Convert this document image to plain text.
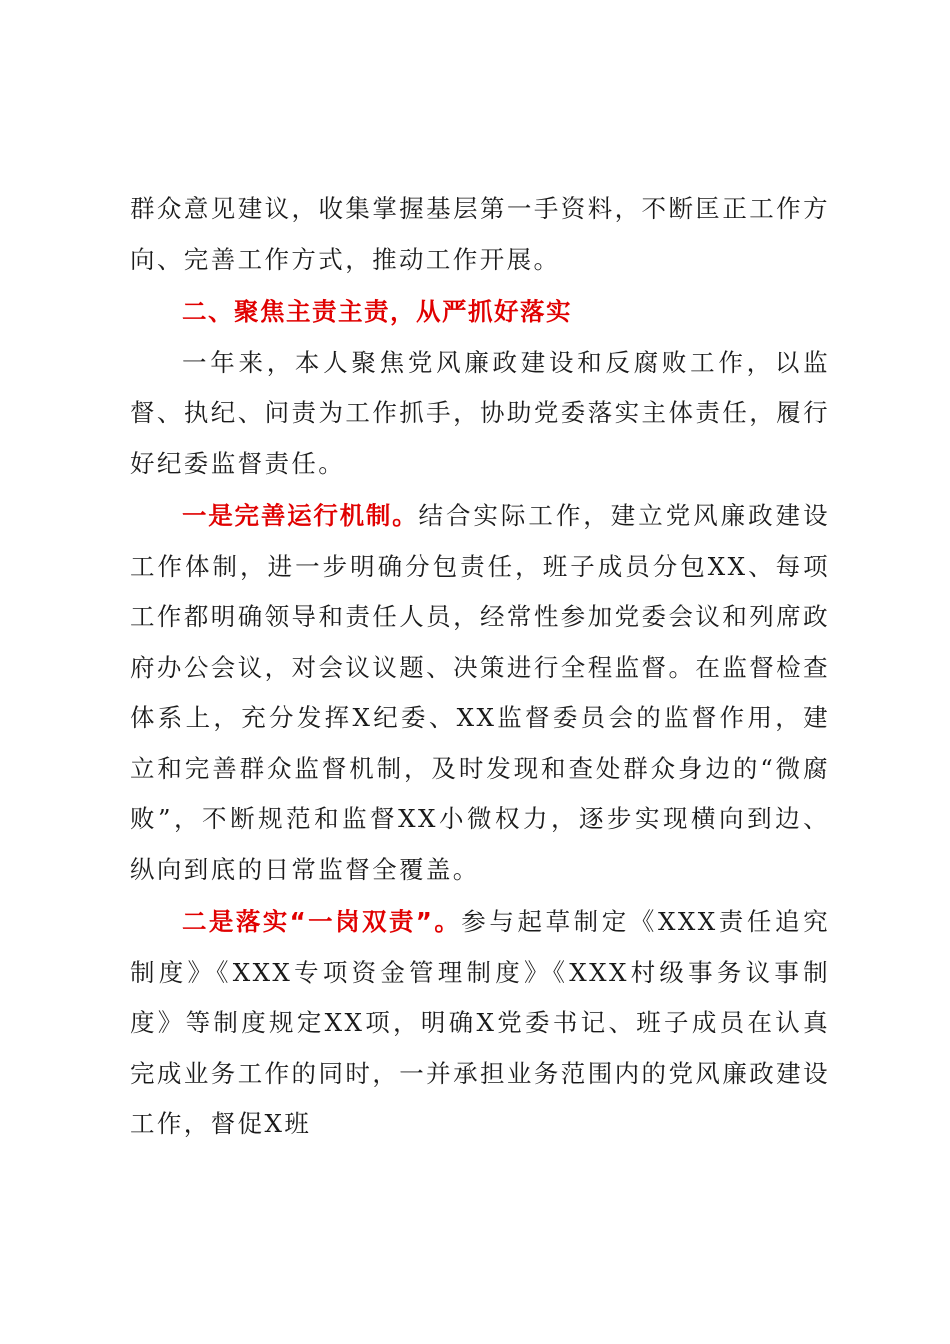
群众意见建议，收集掌握基层第一手资料，不断匡正工作方向、完善工作方式，推动工作开展。

二、聚焦主责主责，从严抓好落实

一年来，本人聚焦党风廉政建设和反腐败工作，以监督、执纪、问责为工作抓手，协助党委落实主体责任，履行好纪委监督责任。

一是完善运行机制。结合实际工作，建立党风廉政建设工作体制，进一步明确分包责任，班子成员分包XX、每项工作都明确领导和责任人员，经常性参加党委会议和列席政府办公会议，对会议议题、决策进行全程监督。在监督检查体系上，充分发挥X纪委、XX监督委员会的监督作用，建立和完善群众监督机制，及时发现和查处群众身边的“微腐败”，不断规范和监督XX小微权力，逐步实现横向到边、纵向到底的日常监督全覆盖。

二是落实“一岗双责”。参与起草制定《XXX责任追究制度》《XXX专项资金管理制度》《XXX村级事务议事制度》等制度规定XX项，明确X党委书记、班子成员在认真完成业务工作的同时，一并承担业务范围内的党风廉政建设工作，督促X班
